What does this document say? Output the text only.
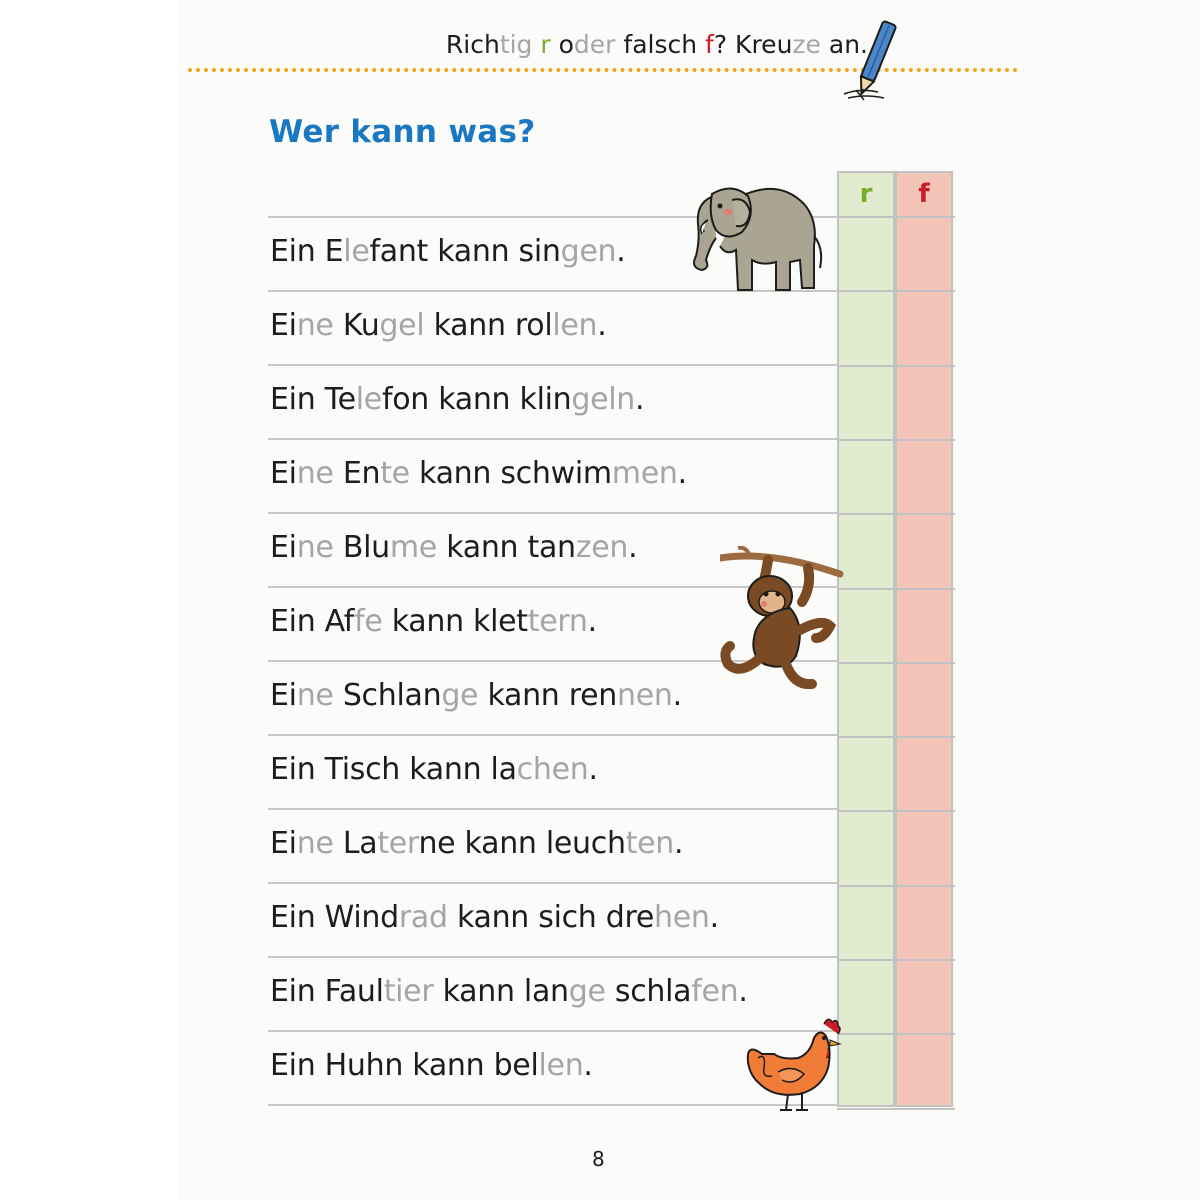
Richtig r oder falsch f? Kreuze an.
Wer kann was?
Ein Elefant kann singen.
Eine Kugel kann rollen.
Ein Telefon kann klingeln.
Eine Ente kann schwimmen.
Eine Blume kann tanzen.
Ein Affe kann klettern.
Eine Schlange kann rennen.
Ein Tisch kann lachen.
Eine Laterne kann leuchten.
Ein Windrad kann sich drehen.
Ein Faultier kann lange schlafen.
Ein Huhn kann bellen.
r	f
8
